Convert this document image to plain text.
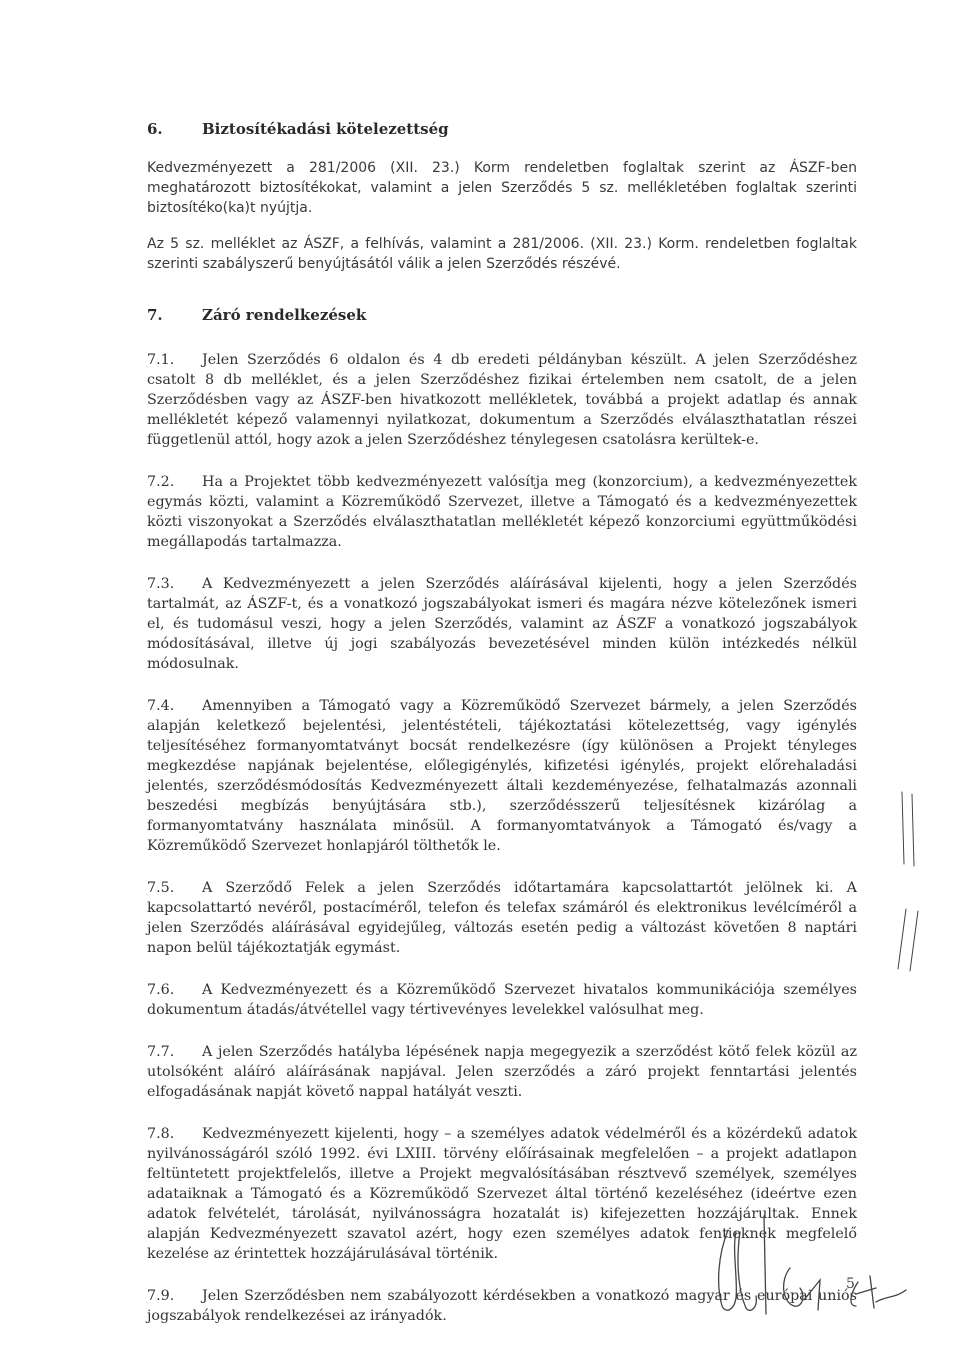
6.	Biztosítékadási kötelezettség

Kedvezményezett a 281/2006 (XII. 23.) Korm rendeletben foglaltak szerint az ÁSZF-ben meghatározott biztosítékokat, valamint a jelen Szerződés 5 sz. mellékletében foglaltak szerinti biztosítéko(ka)t nyújtja.

Az 5 sz. melléklet az ÁSZF, a felhívás, valamint a 281/2006. (XII. 23.) Korm. rendeletben foglaltak szerinti szabályszerű benyújtásától válik a jelen Szerződés részévé.

7.	Záró rendelkezések

7.1. Jelen Szerződés 6 oldalon és 4 db eredeti példányban készült. A jelen Szerződéshez csatolt 8 db melléklet, és a jelen Szerződéshez fizikai értelemben nem csatolt, de a jelen Szerződésben vagy az ÁSZF-ben hivatkozott mellékletek, továbbá a projekt adatlap és annak mellékletét képező valamennyi nyilatkozat, dokumentum a Szerződés elválaszthatatlan részei függetlenül attól, hogy azok a jelen Szerződéshez ténylegesen csatolásra kerültek-e.

7.2. Ha a Projektet több kedvezményezett valósítja meg (konzorcium), a kedvezményezettek egymás közti, valamint a Közreműködő Szervezet, illetve a Támogató és a kedvezményezettek közti viszonyokat a Szerződés elválaszthatatlan mellékletét képező konzorciumi együttműködési megállapodás tartalmazza.

7.3. A Kedvezményezett a jelen Szerződés aláírásával kijelenti, hogy a jelen Szerződés tartalmát, az ÁSZF-t, és a vonatkozó jogszabályokat ismeri és magára nézve kötelezőnek ismeri el, és tudomásul veszi, hogy a jelen Szerződés, valamint az ÁSZF a vonatkozó jogszabályok módosításával, illetve új jogi szabályozás bevezetésével minden külön intézkedés nélkül módosulnak.

7.4. Amennyiben a Támogató vagy a Közreműködő Szervezet bármely, a jelen Szerződés alapján keletkező bejelentési, jelentéstételi, tájékoztatási kötelezettség, vagy igénylés teljesítéséhez formanyomtatványt bocsát rendelkezésre (így különösen a Projekt tényleges megkezdése napjának bejelentése, előlegigénylés, kifizetési igénylés, projekt előrehaladási jelentés, szerződésmódosítás Kedvezményezett általi kezdeményezése, felhatalmazás azonnali beszedési megbízás benyújtására stb.), szerződésszerű teljesítésnek kizárólag a formanyomtatvány használata minősül. A formanyomtatványok a Támogató és/vagy a Közreműködő Szervezet honlapjáról tölthetők le.

7.5. A Szerződő Felek a jelen Szerződés időtartamára kapcsolattartót jelölnek ki. A kapcsolattartó nevéről, postacíméről, telefon és telefax számáról és elektronikus levélcíméről a jelen Szerződés aláírásával egyidejűleg, változás esetén pedig a változást követően 8 naptári napon belül tájékoztatják egymást.

7.6. A Kedvezményezett és a Közreműködő Szervezet hivatalos kommunikációja személyes dokumentum átadás/átvétellel vagy tértivevényes levelekkel valósulhat meg.

7.7. A jelen Szerződés hatályba lépésének napja megegyezik a szerződést kötő felek közül az utolsóként aláíró aláírásának napjával. Jelen szerződés a záró projekt fenntartási jelentés elfogadásának napját követő nappal hatályát veszti.

7.8. Kedvezményezett kijelenti, hogy – a személyes adatok védelméről és a közérdekű adatok nyilvánosságáról szóló 1992. évi LXIII. törvény előírásainak megfelelően – a projekt adatlapon feltüntetett projektfelelős, illetve a Projekt megvalósításában résztvevő személyek, személyes adataiknak a Támogató és a Közreműködő Szervezet által történő kezeléséhez (ideértve ezen adatok felvételét, tárolását, nyilvánosságra hozatalát is) kifejezetten hozzájárultak. Ennek alapján Kedvezményezett szavatol azért, hogy ezen személyes adatok fentieknek megfelelő kezelése az érintettek hozzájárulásával történik.

7.9. Jelen Szerződésben nem szabályozott kérdésekben a vonatkozó magyar és európai uniós jogszabályok rendelkezései az irányadók.

5
